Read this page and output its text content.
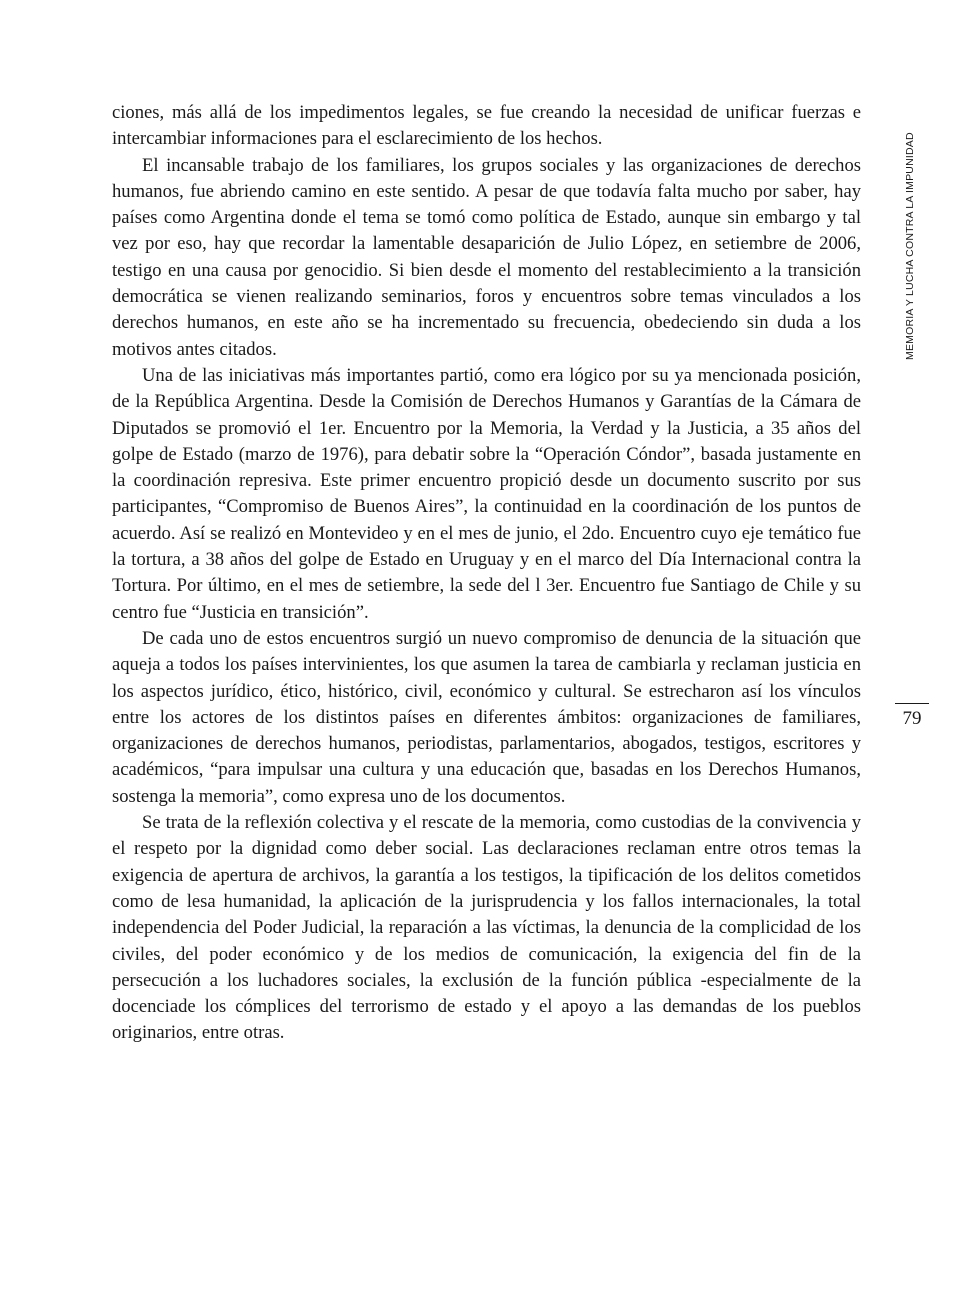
MEMORIA Y LUCHA CONTRA LA IMPUNIDAD
79

ciones, más allá de los impedimentos legales, se fue creando la necesidad de unificar fuerzas e intercambiar informaciones para el esclarecimiento de los hechos.

El incansable trabajo de los familiares, los grupos sociales y las organizaciones de derechos humanos, fue abriendo camino en este sentido. A pesar de que todavía falta mucho por saber, hay países como Argentina donde el tema se tomó como política de Estado, aunque sin embargo y tal vez por eso, hay que recordar la lamentable desaparición de Julio López, en setiembre de 2006, testigo en una causa por genocidio. Si bien desde el momento del restablecimiento a la transición democrática se vienen realizando seminarios, foros y encuentros sobre temas vinculados a los derechos humanos, en este año se ha incrementado su frecuencia, obedeciendo sin duda a los motivos antes citados.

Una de las iniciativas más importantes partió, como era lógico por su ya mencionada posición, de la República Argentina. Desde la Comisión de Derechos Humanos y Garantías de la Cámara de Diputados se promovió el 1er. Encuentro por la Memoria, la Verdad y la Justicia, a 35 años del golpe de Estado (marzo de 1976), para debatir sobre la “Operación Cóndor”, basada justamente en la coordinación represiva. Este primer encuentro propició desde un documento suscrito por sus participantes, “Compromiso de Buenos Aires”, la continuidad en la coordinación de los puntos de acuerdo. Así se realizó en Montevideo y en el mes de junio, el 2do. Encuentro cuyo eje temático fue la tortura, a 38 años del golpe de Estado en Uruguay y en el marco del Día Internacional contra la Tortura. Por último, en el mes de setiembre, la sede del l 3er. Encuentro fue Santiago de Chile y su centro fue “Justicia en transición”.

De cada uno de estos encuentros surgió un nuevo compromiso de denuncia de la situación que aqueja a todos los países intervinientes, los que asumen la tarea de cambiarla y reclaman justicia en los aspectos jurídico, ético, histórico, civil, económico y cultural. Se estrecharon así los vínculos entre los actores de los distintos países en diferentes ámbitos: organizaciones de familiares, organizaciones de derechos humanos, periodistas, parlamentarios, abogados, testigos, escritores y académicos, “para impulsar una cultura y una educación que, basadas en los Derechos Humanos, sostenga la memoria”, como expresa uno de los documentos.

Se trata de la reflexión colectiva y el rescate de la memoria, como custodias de la convivencia y el respeto por la dignidad como deber social. Las declaraciones reclaman entre otros temas la exigencia de apertura de archivos, la garantía a los testigos, la tipificación de los delitos cometidos como de lesa humanidad, la aplicación de la jurisprudencia y los fallos internacionales, la total independencia del Poder Judicial, la reparación a las víctimas, la denuncia de la complicidad de los civiles, del poder económico y de los medios de comunicación, la exigencia del fin de la persecución a los luchadores sociales, la exclusión de la función pública -especialmente de la docenciade los cómplices del terrorismo de estado y el apoyo a las demandas de los pueblos originarios, entre otras.
